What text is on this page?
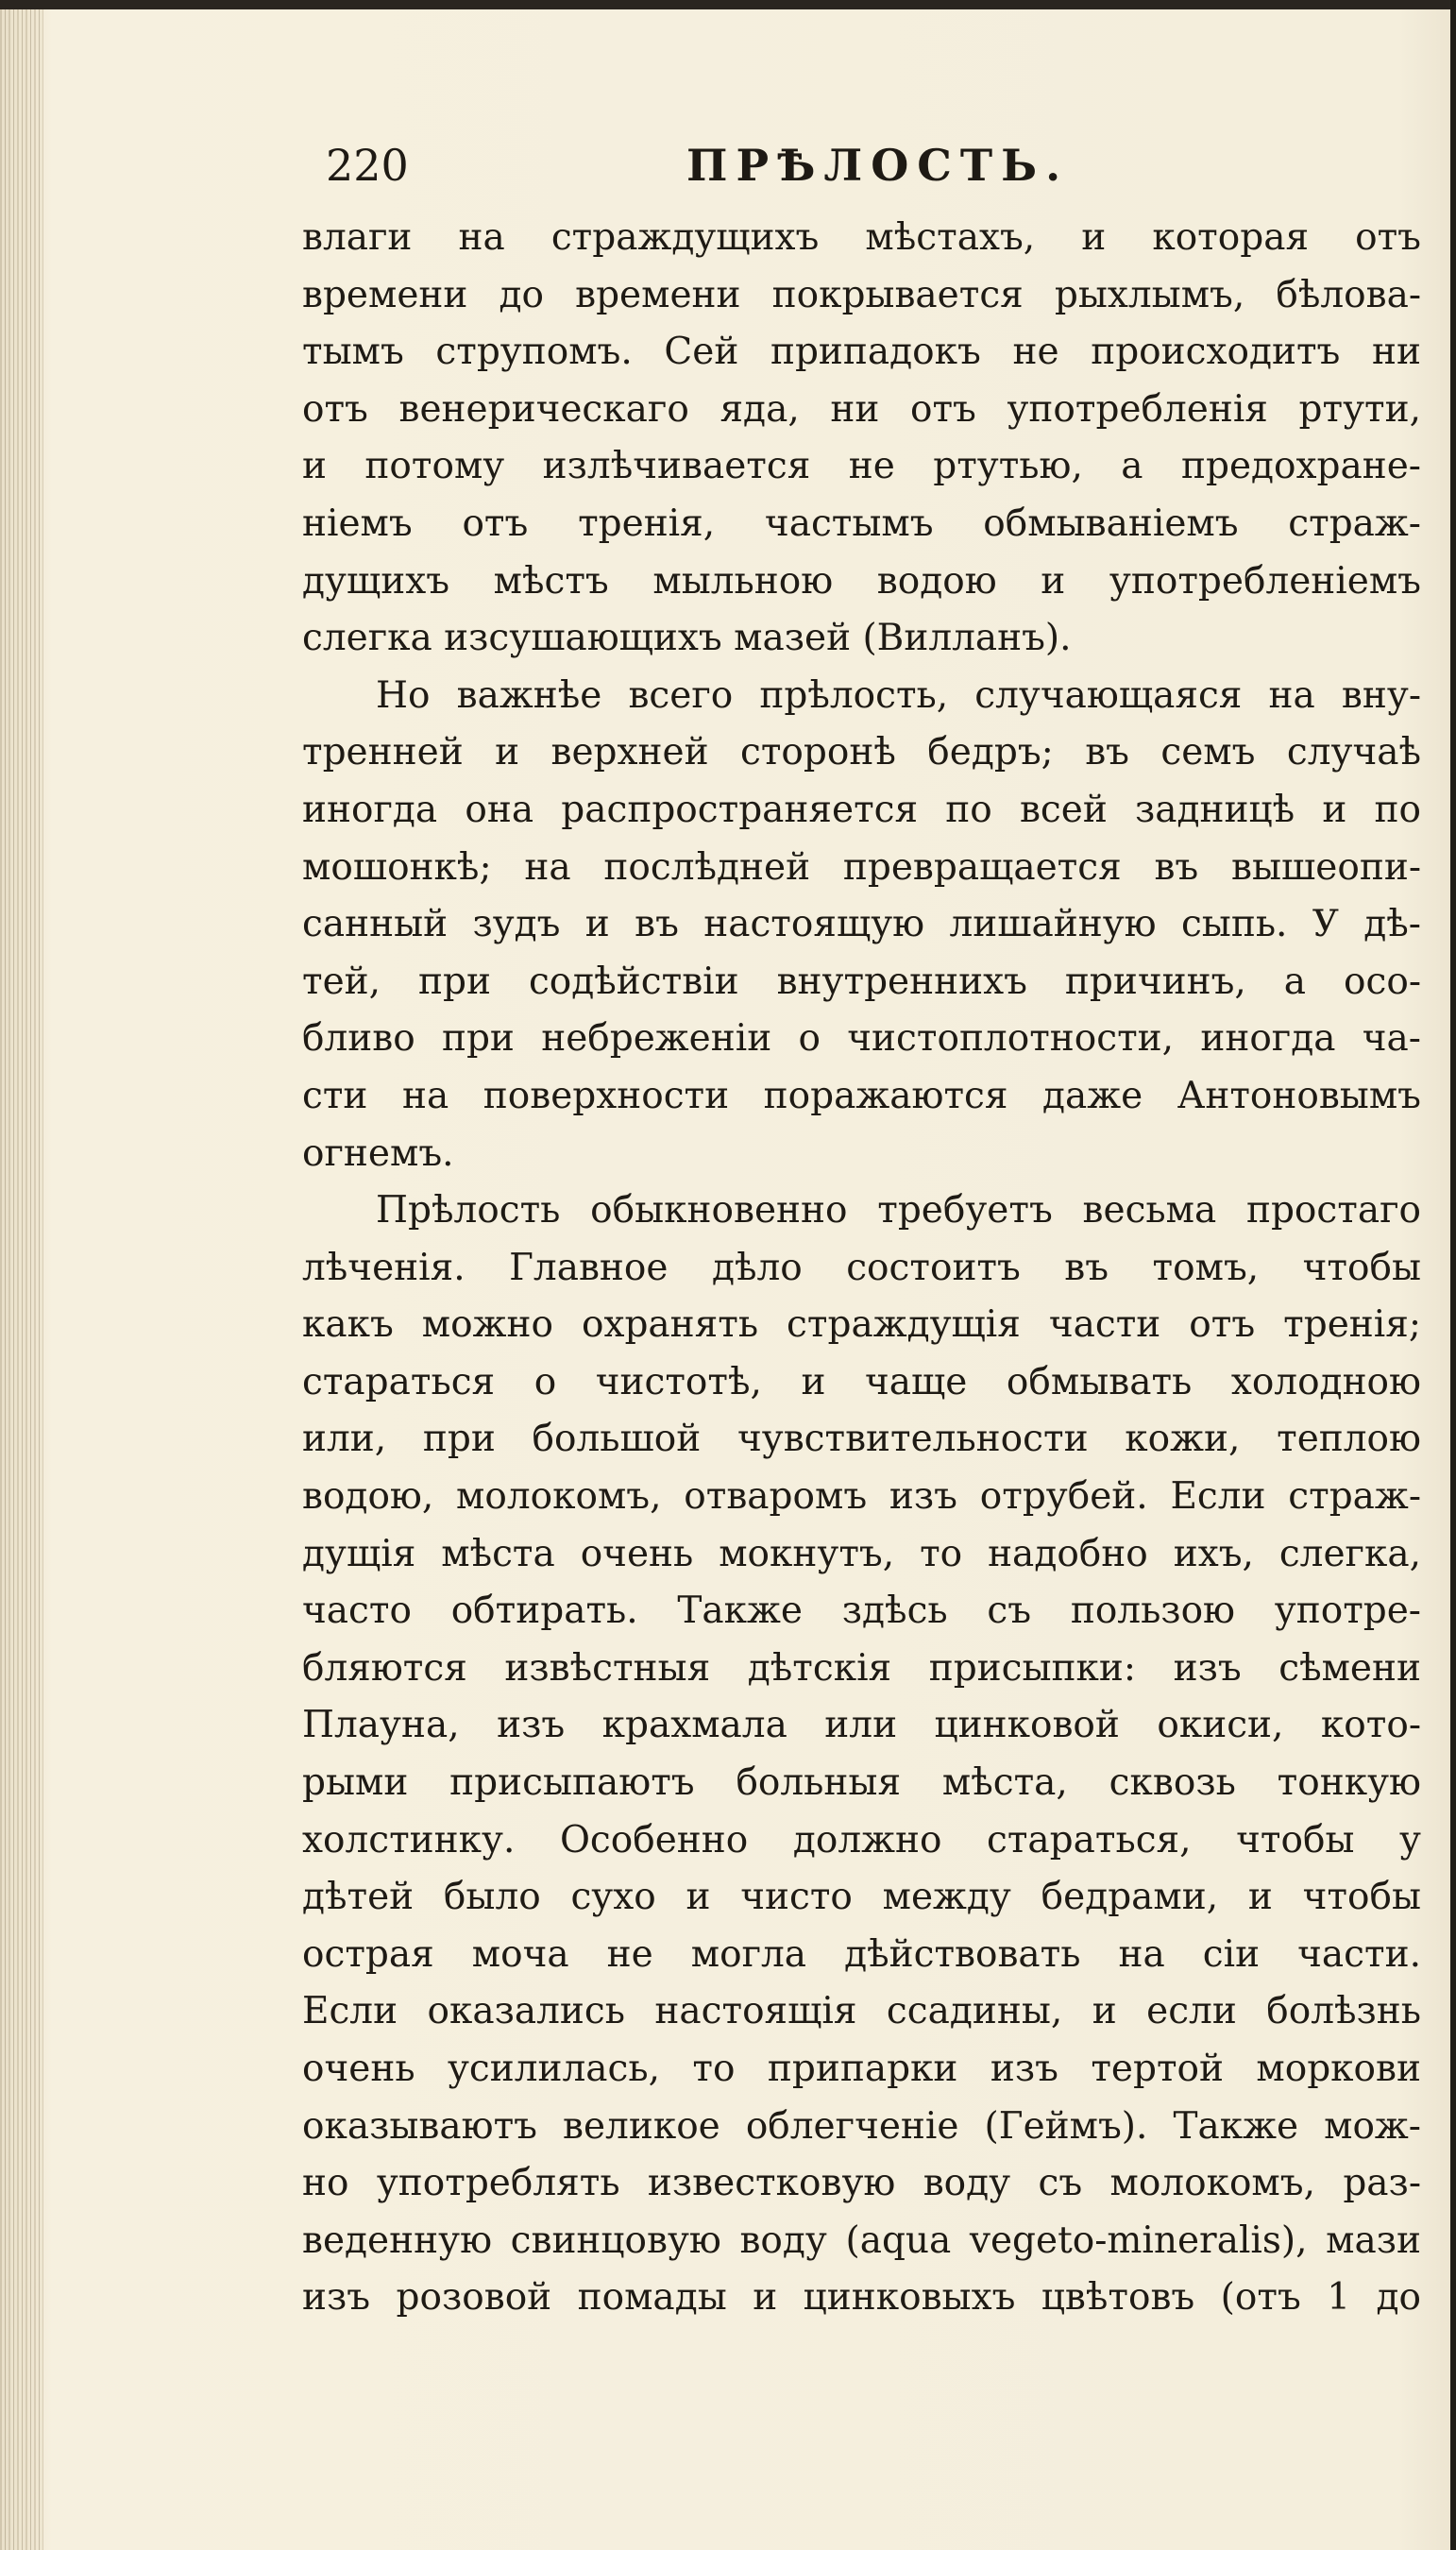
220	ПРѢЛОСТЬ.
влаги на страждущихъ мѣстахъ, и которая отъ
времени до времени покрывается рыхлымъ, бѣлова-
тымъ струпомъ. Сей припадокъ не происходитъ ни
отъ венерическаго яда, ни отъ употребленія ртути,
и потому излѣчивается не ртутью, а предохране-
ніемъ отъ тренія, частымъ обмываніемъ страж-
дущихъ мѣстъ мыльною водою и употребленіемъ
слегка изсушающихъ мазей (Вилланъ).
Но важнѣе всего прѣлость, случающаяся на вну-
тренней и верхней сторонѣ бедръ; въ семъ случаѣ
иногда она распространяется по всей задницѣ и по
мошонкѣ; на послѣдней превращается въ вышеопи-
санный зудъ и въ настоящую лишайную сыпь. У дѣ-
тей, при содѣйствіи внутреннихъ причинъ, а осо-
бливо при небреженіи о чистоплотности, иногда ча-
сти на поверхности поражаются даже Антоновымъ
огнемъ.
Прѣлость обыкновенно требуетъ весьма простаго
лѣченія. Главное дѣло состоитъ въ томъ, чтобы
какъ можно охранять страждущія части отъ тренія;
стараться о чистотѣ, и чаще обмывать холодною
или, при большой чувствительности кожи, теплою
водою, молокомъ, отваромъ изъ отрубей. Если страж-
дущія мѣста очень мокнутъ, то надобно ихъ, слегка,
часто обтирать. Также здѣсь съ пользою употре-
бляются извѣстныя дѣтскія присыпки: изъ сѣмени
Плауна, изъ крахмала или цинковой окиси, кото-
рыми присыпаютъ больныя мѣста, сквозь тонкую
холстинку. Особенно должно стараться, чтобы у
дѣтей было сухо и чисто между бедрами, и чтобы
острая моча не могла дѣйствовать на сіи части.
Если оказались настоящія ссадины, и если болѣзнь
очень усилилась, то припарки изъ тертой моркови
оказываютъ великое облегченіе (Геймъ). Также мож-
но употреблять известковую воду съ молокомъ, раз-
веденную свинцовую воду (aqua vegeto-mineralis), мази
изъ розовой помады и цинковыхъ цвѣтовъ (отъ 1 до
